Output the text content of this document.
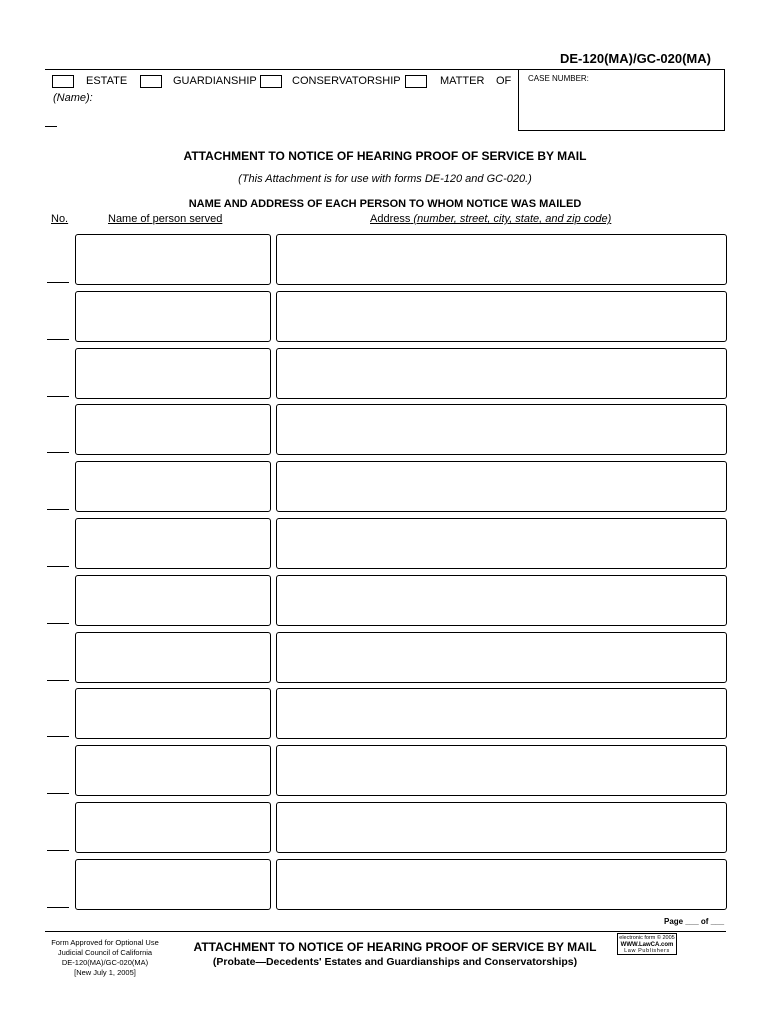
DE-120(MA)/GC-020(MA)
CASE NUMBER:
ESTATE	GUARDIANSHIP	CONSERVATORSHIP	MATTER OF
(Name):
ATTACHMENT TO NOTICE OF HEARING PROOF OF SERVICE BY MAIL
(This Attachment is for use with forms DE-120 and GC-020.)
NAME AND ADDRESS OF EACH PERSON TO WHOM NOTICE WAS MAILED
No.	Name of person served	Address (number, street, city, state, and zip code)
Page ___ of ___
Form Approved for Optional Use
Judicial Council of California
DE-120(MA)/GC-020(MA)
[New July 1, 2005]
ATTACHMENT TO NOTICE OF HEARING PROOF OF SERVICE BY MAIL
(Probate—Decedents' Estates and Guardianships and Conservatorships)
electronic form © 2005
WWW.LawCA.com
Law Publishers
